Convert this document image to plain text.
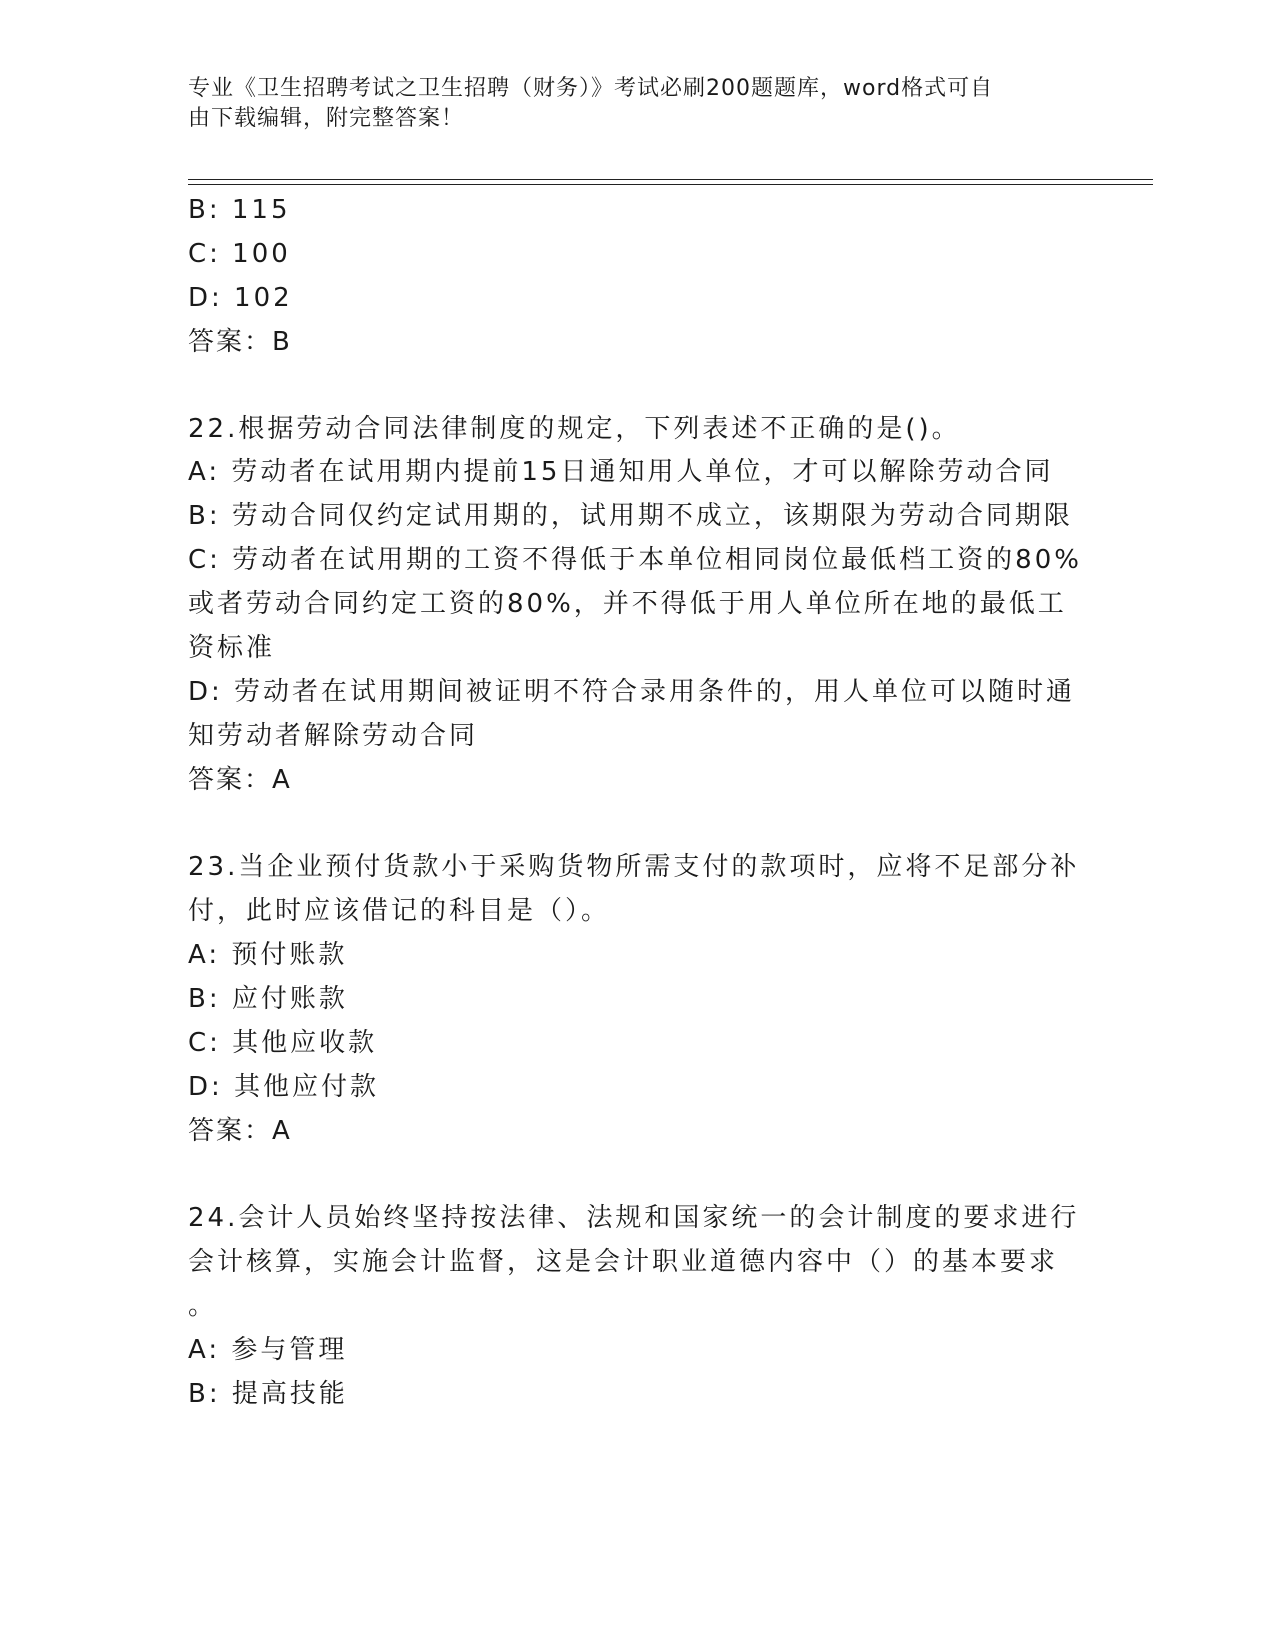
专业《卫生招聘考试之卫生招聘（财务）》考试必刷200题题库，word格式可自
由下载编辑，附完整答案！
B: 115
C: 100
D: 102
答案：B
22.根据劳动合同法律制度的规定，下列表述不正确的是()。
A: 劳动者在试用期内提前15日通知用人单位，才可以解除劳动合同
B: 劳动合同仅约定试用期的，试用期不成立，该期限为劳动合同期限
C: 劳动者在试用期的工资不得低于本单位相同岗位最低档工资的80%
或者劳动合同约定工资的80%，并不得低于用人单位所在地的最低工
资标准
D: 劳动者在试用期间被证明不符合录用条件的，用人单位可以随时通
知劳动者解除劳动合同
答案：A
23.当企业预付货款小于采购货物所需支付的款项时，应将不足部分补
付，此时应该借记的科目是（）。
A: 预付账款
B: 应付账款
C: 其他应收款
D: 其他应付款
答案：A
24.会计人员始终坚持按法律、法规和国家统一的会计制度的要求进行
会计核算，实施会计监督，这是会计职业道德内容中（）的基本要求
。
A: 参与管理
B: 提高技能
